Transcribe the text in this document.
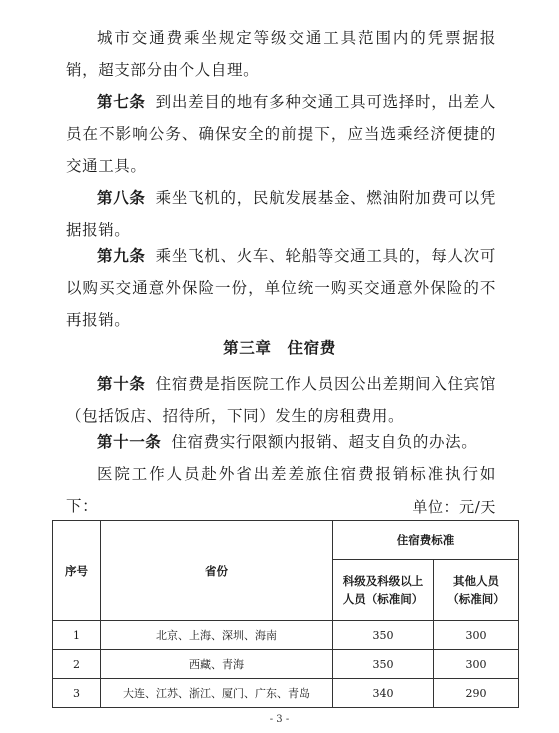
城市交通费乘坐规定等级交通工具范围内的凭票据报销，超支部分由个人自理。

第七条 到出差目的地有多种交通工具可选择时，出差人员在不影响公务、确保安全的前提下，应当选乘经济便捷的交通工具。

第八条 乘坐飞机的，民航发展基金、燃油附加费可以凭据报销。

第九条 乘坐飞机、火车、轮船等交通工具的，每人次可以购买交通意外保险一份，单位统一购买交通意外保险的不再报销。

第三章　住宿费

第十条 住宿费是指医院工作人员因公出差期间入住宾馆（包括饭店、招待所，下同）发生的房租费用。

第十一条 住宿费实行限额内报销、超支自负的办法。

医院工作人员赴外省出差差旅住宿费报销标准执行如下：	单位：元/天
序号	省份	住宿费标准	
		科级及科级以上人员（标准间）	其他人员（标准间）
1	北京、上海、深圳、海南	350	300
2	西藏、青海	350	300
3	大连、江苏、浙江、厦门、广东、青岛	340	290
- 3 -
